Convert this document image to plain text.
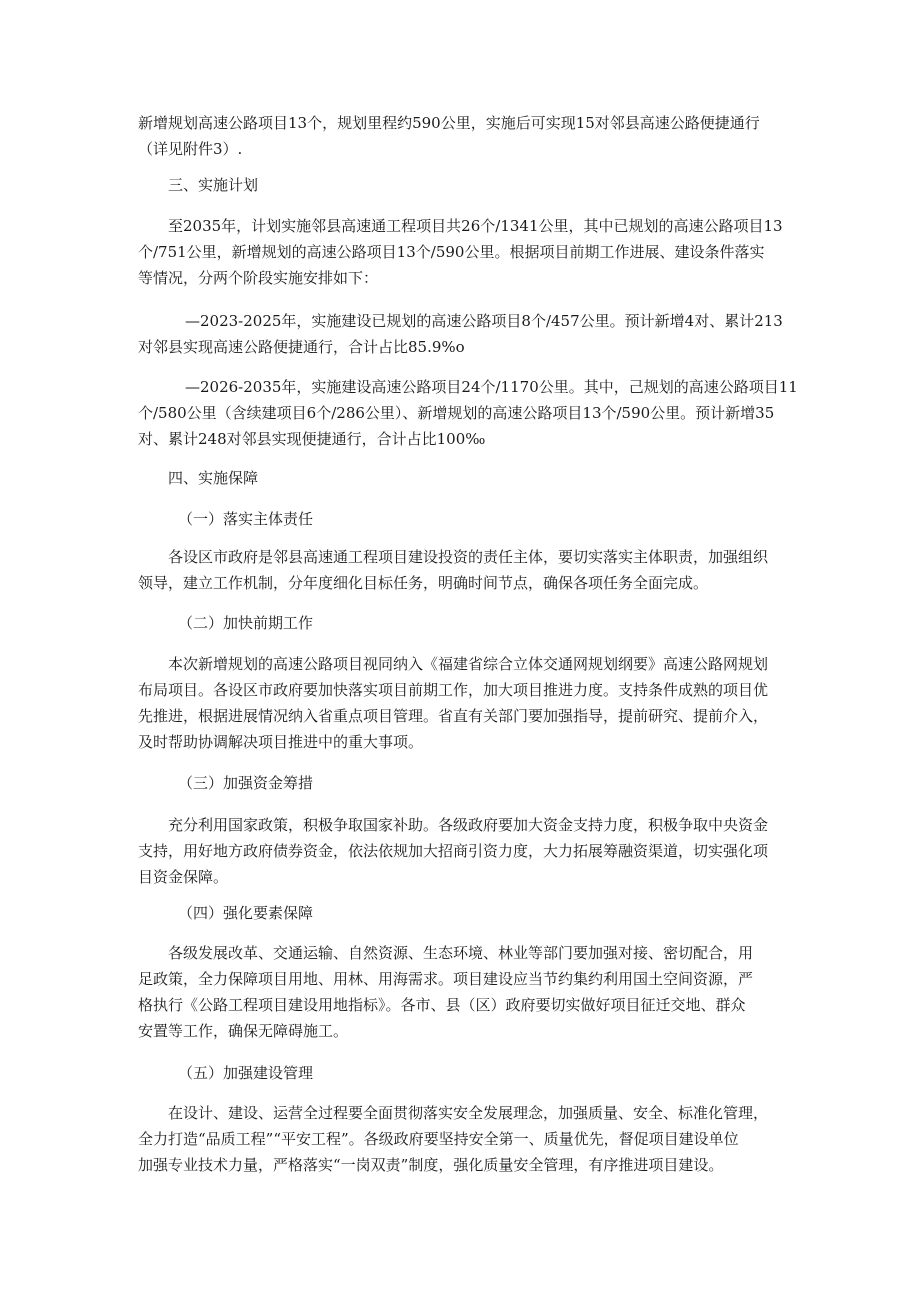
新增规划高速公路项目13个，规划里程约590公里，实施后可实现15对邻县高速公路便捷通行

（详见附件3）.

三、实施计划

至2035年，计划实施邻县高速通工程项目共26个/1341公里，其中已规划的高速公路项目13

个/751公里，新增规划的高速公路项目13个/590公里。根据项目前期工作进展、建设条件落实

等情况，分两个阶段实施安排如下：

—2023-2025年，实施建设已规划的高速公路项目8个/457公里。预计新增4对、累计213

对邻县实现高速公路便捷通行，合计占比85.9%o

—2026-2035年，实施建设高速公路项目24个/1170公里。其中，己规划的高速公路项目11

个/580公里（含续建项目6个/286公里）、新增规划的高速公路项目13个/590公里。预计新增35

对、累计248对邻县实现便捷通行，合计占比100‰

四、实施保障

（一）落实主体责任

各设区市政府是邻县高速通工程项目建设投资的责任主体，要切实落实主体职责，加强组织

领导，建立工作机制，分年度细化目标任务，明确时间节点，确保各项任务全面完成。

（二）加快前期工作

本次新增规划的高速公路项目视同纳入《福建省综合立体交通网规划纲要》高速公路网规划

布局项目。各设区市政府要加快落实项目前期工作，加大项目推进力度。支持条件成熟的项目优

先推进，根据进展情况纳入省重点项目管理。省直有关部门要加强指导，提前研究、提前介入，

及时帮助协调解决项目推进中的重大事项。

（三）加强资金筹措

充分利用国家政策，积极争取国家补助。各级政府要加大资金支持力度，积极争取中央资金

支持，用好地方政府债券资金，依法依规加大招商引资力度，大力拓展筹融资渠道，切实强化项

目资金保障。

（四）强化要素保障

各级发展改革、交通运输、自然资源、生态环境、林业等部门要加强对接、密切配合，用

足政策，全力保障项目用地、用林、用海需求。项目建设应当节约集约利用国土空间资源，严

格执行《公路工程项目建设用地指标》。各市、县（区）政府要切实做好项目征迁交地、群众

安置等工作，确保无障碍施工。

（五）加强建设管理

在设计、建设、运营全过程要全面贯彻落实安全发展理念，加强质量、安全、标准化管理，

全力打造“品质工程”“平安工程”。各级政府要坚持安全第一、质量优先，督促项目建设单位

加强专业技术力量，严格落实“一岗双责”制度，强化质量安全管理，有序推进项目建设。
